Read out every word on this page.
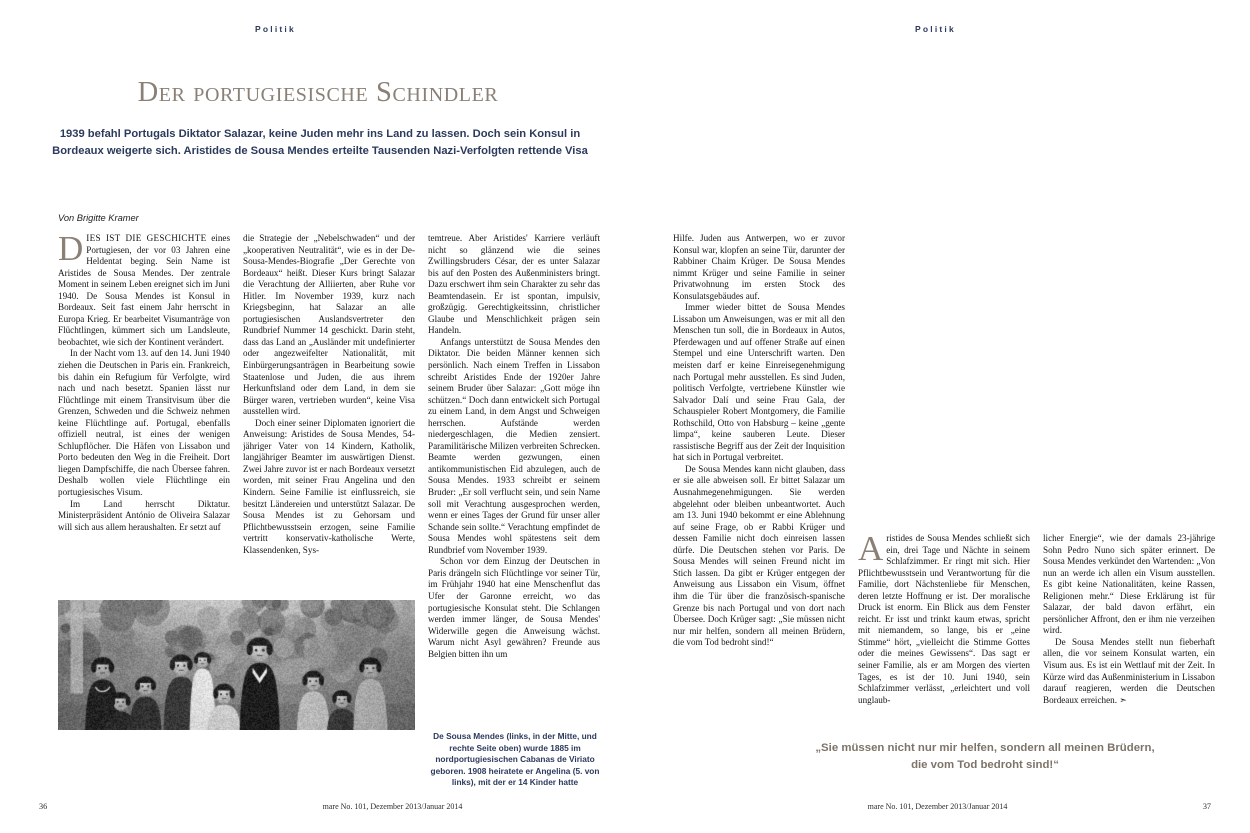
Politik
Der portugiesische Schindler
1939 befahl Portugals Diktator Salazar, keine Juden mehr ins Land zu lassen. Doch sein Konsul in Bordeaux weigerte sich. Aristides de Sousa Mendes erteilte Tausenden Nazi-Verfolgten rettende Visa
Von Brigitte Kramer

DIES IST DIE GESCHICHTE eines Portugiesen, der vor 03 Jahren eine Heldentat beging. Sein Name ist Aristides de Sousa Mendes. Der zentrale Moment in seinem Leben ereignet sich im Juni 1940. De Sousa Mendes ist Konsul in Bordeaux. Seit fast einem Jahr herrscht in Europa Krieg. Er bearbeitet Visumanträge von Flüchtlingen, kümmert sich um Landsleute, beobachtet, wie sich der Kontinent verändert.

In der Nacht vom 13. auf den 14. Juni 1940 ziehen die Deutschen in Paris ein. Frankreich, bis dahin ein Refugium für Verfolgte, wird nach und nach besetzt. Spanien lässt nur Flüchtlinge mit einem Transitvisum über die Grenzen, Schweden und die Schweiz nehmen keine Flüchtlinge auf. Portugal, ebenfalls offiziell neutral, ist eines der wenigen Schlupflöcher. Die Häfen von Lissabon und Porto bedeuten den Weg in die Freiheit. Dort liegen Dampfschiffe, die nach Übersee fahren. Deshalb wollen viele Flüchtlinge ein portugiesisches Visum.

Im Land herrscht Diktatur. Ministerpräsident António de Oliveira Salazar will sich aus allem heraushalten. Er setzt auf

die Strategie der „Nebelschwaden“ und der „kooperativen Neutralität“, wie es in der De-Sousa-Mendes-Biografie „Der Gerechte von Bordeaux“ heißt. Dieser Kurs bringt Salazar die Verachtung der Alliierten, aber Ruhe vor Hitler. Im November 1939, kurz nach Kriegsbeginn, hat Salazar an alle portugiesischen Auslandsvertreter den Rundbrief Nummer 14 geschickt. Darin steht, dass das Land an „Ausländer mit undefinierter oder angezweifelter Nationalität, mit Einbürgerungsanträgen in Bearbeitung sowie Staatenlose und Juden, die aus ihrem Herkunftsland oder dem Land, in dem sie Bürger waren, vertrieben wurden“, keine Visa ausstellen wird.

Doch einer seiner Diplomaten ignoriert die Anweisung: Aristides de Sousa Mendes, 54-jähriger Vater von 14 Kindern, Katholik, langjähriger Beamter im auswärtigen Dienst. Zwei Jahre zuvor ist er nach Bordeaux versetzt worden, mit seiner Frau Angelina und den Kindern. Seine Familie ist einflussreich, sie besitzt Ländereien und unterstützt Salazar. De Sousa Mendes ist zu Gehorsam und Pflichtbewusstsein erzogen, seine Familie vertritt konservativ-katholische Werte, Klassendenken, Sys-

temtreue. Aber Aristides' Karriere verläuft nicht so glänzend wie die seines Zwillingsbruders César, der es unter Salazar bis auf den Posten des Außenministers bringt. Dazu erschwert ihm sein Charakter zu sehr das Beamtendasein. Er ist spontan, impulsiv, großzügig. Gerechtigkeitssinn, christlicher Glaube und Menschlichkeit prägen sein Handeln.

Anfangs unterstützt de Sousa Mendes den Diktator. Die beiden Männer kennen sich persönlich. Nach einem Treffen in Lissabon schreibt Aristides Ende der 1920er Jahre seinem Bruder über Salazar: „Gott möge ihn schützen.“ Doch dann entwickelt sich Portugal zu einem Land, in dem Angst und Schweigen herrschen. Aufstände werden niedergeschlagen, die Medien zensiert. Paramilitärische Milizen verbreiten Schrecken. Beamte werden gezwungen, einen antikommunistischen Eid abzulegen, auch de Sousa Mendes. 1933 schreibt er seinem Bruder: „Er soll verflucht sein, und sein Name soll mit Verachtung ausgesprochen werden, wenn er eines Tages der Grund für unser aller Schande sein sollte.“ Verachtung empfindet de Sousa Mendes wohl spätestens seit dem Rundbrief vom November 1939.

Schon vor dem Einzug der Deutschen in Paris drängeln sich Flüchtlinge vor seiner Tür, im Frühjahr 1940 hat eine Menschenflut das Ufer der Garonne erreicht, wo das portugiesische Konsulat steht. Die Schlangen werden immer länger, de Sousa Mendes' Widerwille gegen die Anweisung wächst. Warum nicht Asyl gewähren? Freunde aus Belgien bitten ihn um

De Sousa Mendes (links, in der Mitte, und rechte Seite oben) wurde 1885 im nordportugiesischen Cabanas de Viriato geboren. 1908 heiratete er Angelina (5. von links), mit der er 14 Kinder hatte
36	mare No. 101, Dezember 2013/Januar 2014
Politik
37
mare No. 101, Dezember 2013/Januar 2014

Hilfe. Juden aus Antwerpen, wo er zuvor Konsul war, klopfen an seine Tür, darunter der Rabbiner Chaim Krüger. De Sousa Mendes nimmt Krüger und seine Familie in seiner Privatwohnung im ersten Stock des Konsulatsgebäudes auf.

Immer wieder bittet de Sousa Mendes Lissabon um Anweisungen, was er mit all den Menschen tun soll, die in Bordeaux in Autos, Pferdewagen und auf offener Straße auf einen Stempel und eine Unterschrift warten. Den meisten darf er keine Einreisegenehmigung nach Portugal mehr ausstellen. Es sind Juden, politisch Verfolgte, vertriebene Künstler wie Salvador Dalí und seine Frau Gala, der Schauspieler Robert Montgomery, die Familie Rothschild, Otto von Habsburg – keine „gente limpa“, keine sauberen Leute. Dieser rassistische Begriff aus der Zeit der Inquisition hat sich in Portugal verbreitet.

De Sousa Mendes kann nicht glauben, dass er sie alle abweisen soll. Er bittet Salazar um Ausnahmegenehmigungen. Sie werden abgelehnt oder bleiben unbeantwortet. Auch am 13. Juni 1940 bekommt er eine Ablehnung auf seine Frage, ob er Rabbi Krüger und dessen Familie nicht doch einreisen lassen dürfe. Die Deutschen stehen vor Paris. De Sousa Mendes will seinen Freund nicht im Stich lassen. Da gibt er Krüger entgegen der Anweisung aus Lissabon ein Visum, öffnet ihm die Tür über die französisch-spanische Grenze bis nach Portugal und von dort nach Übersee. Doch Krüger sagt: „Sie müssen nicht nur mir helfen, sondern all meinen Brüdern, die vom Tod bedroht sind!“

Aristides de Sousa Mendes schließt sich ein, drei Tage und Nächte in seinem Schlafzimmer. Er ringt mit sich. Hier Pflichtbewusstsein und Verantwortung für die Familie, dort Nächstenliebe für Menschen, deren letzte Hoffnung er ist. Der moralische Druck ist enorm. Ein Blick aus dem Fenster reicht. Er isst und trinkt kaum etwas, spricht mit niemandem, so lange, bis er „eine Stimme“ hört, „vielleicht die Stimme Gottes oder die meines Gewissens“. Das sagt er seiner Familie, als er am Morgen des vierten Tages, es ist der 10. Juni 1940, sein Schlafzimmer verlässt, „erleichtert und voll unglaub-

licher Energie“, wie der damals 23-jährige Sohn Pedro Nuno sich später erinnert. De Sousa Mendes verkündet den Wartenden: „Von nun an werde ich allen ein Visum ausstellen. Es gibt keine Nationalitäten, keine Rassen, Religionen mehr.“ Diese Erklärung ist für Salazar, der bald davon erfährt, ein persönlicher Affront, den er ihm nie verzeihen wird.

De Sousa Mendes stellt nun fieberhaft allen, die vor seinem Konsulat warten, ein Visum aus. Es ist ein Wettlauf mit der Zeit. In Kürze wird das Außenministerium in Lissabon darauf reagieren, werden die Deutschen Bordeaux erreichen. ➣

„Sie müssen nicht nur mir helfen, sondern all meinen Brüdern,
die vom Tod bedroht sind!“
